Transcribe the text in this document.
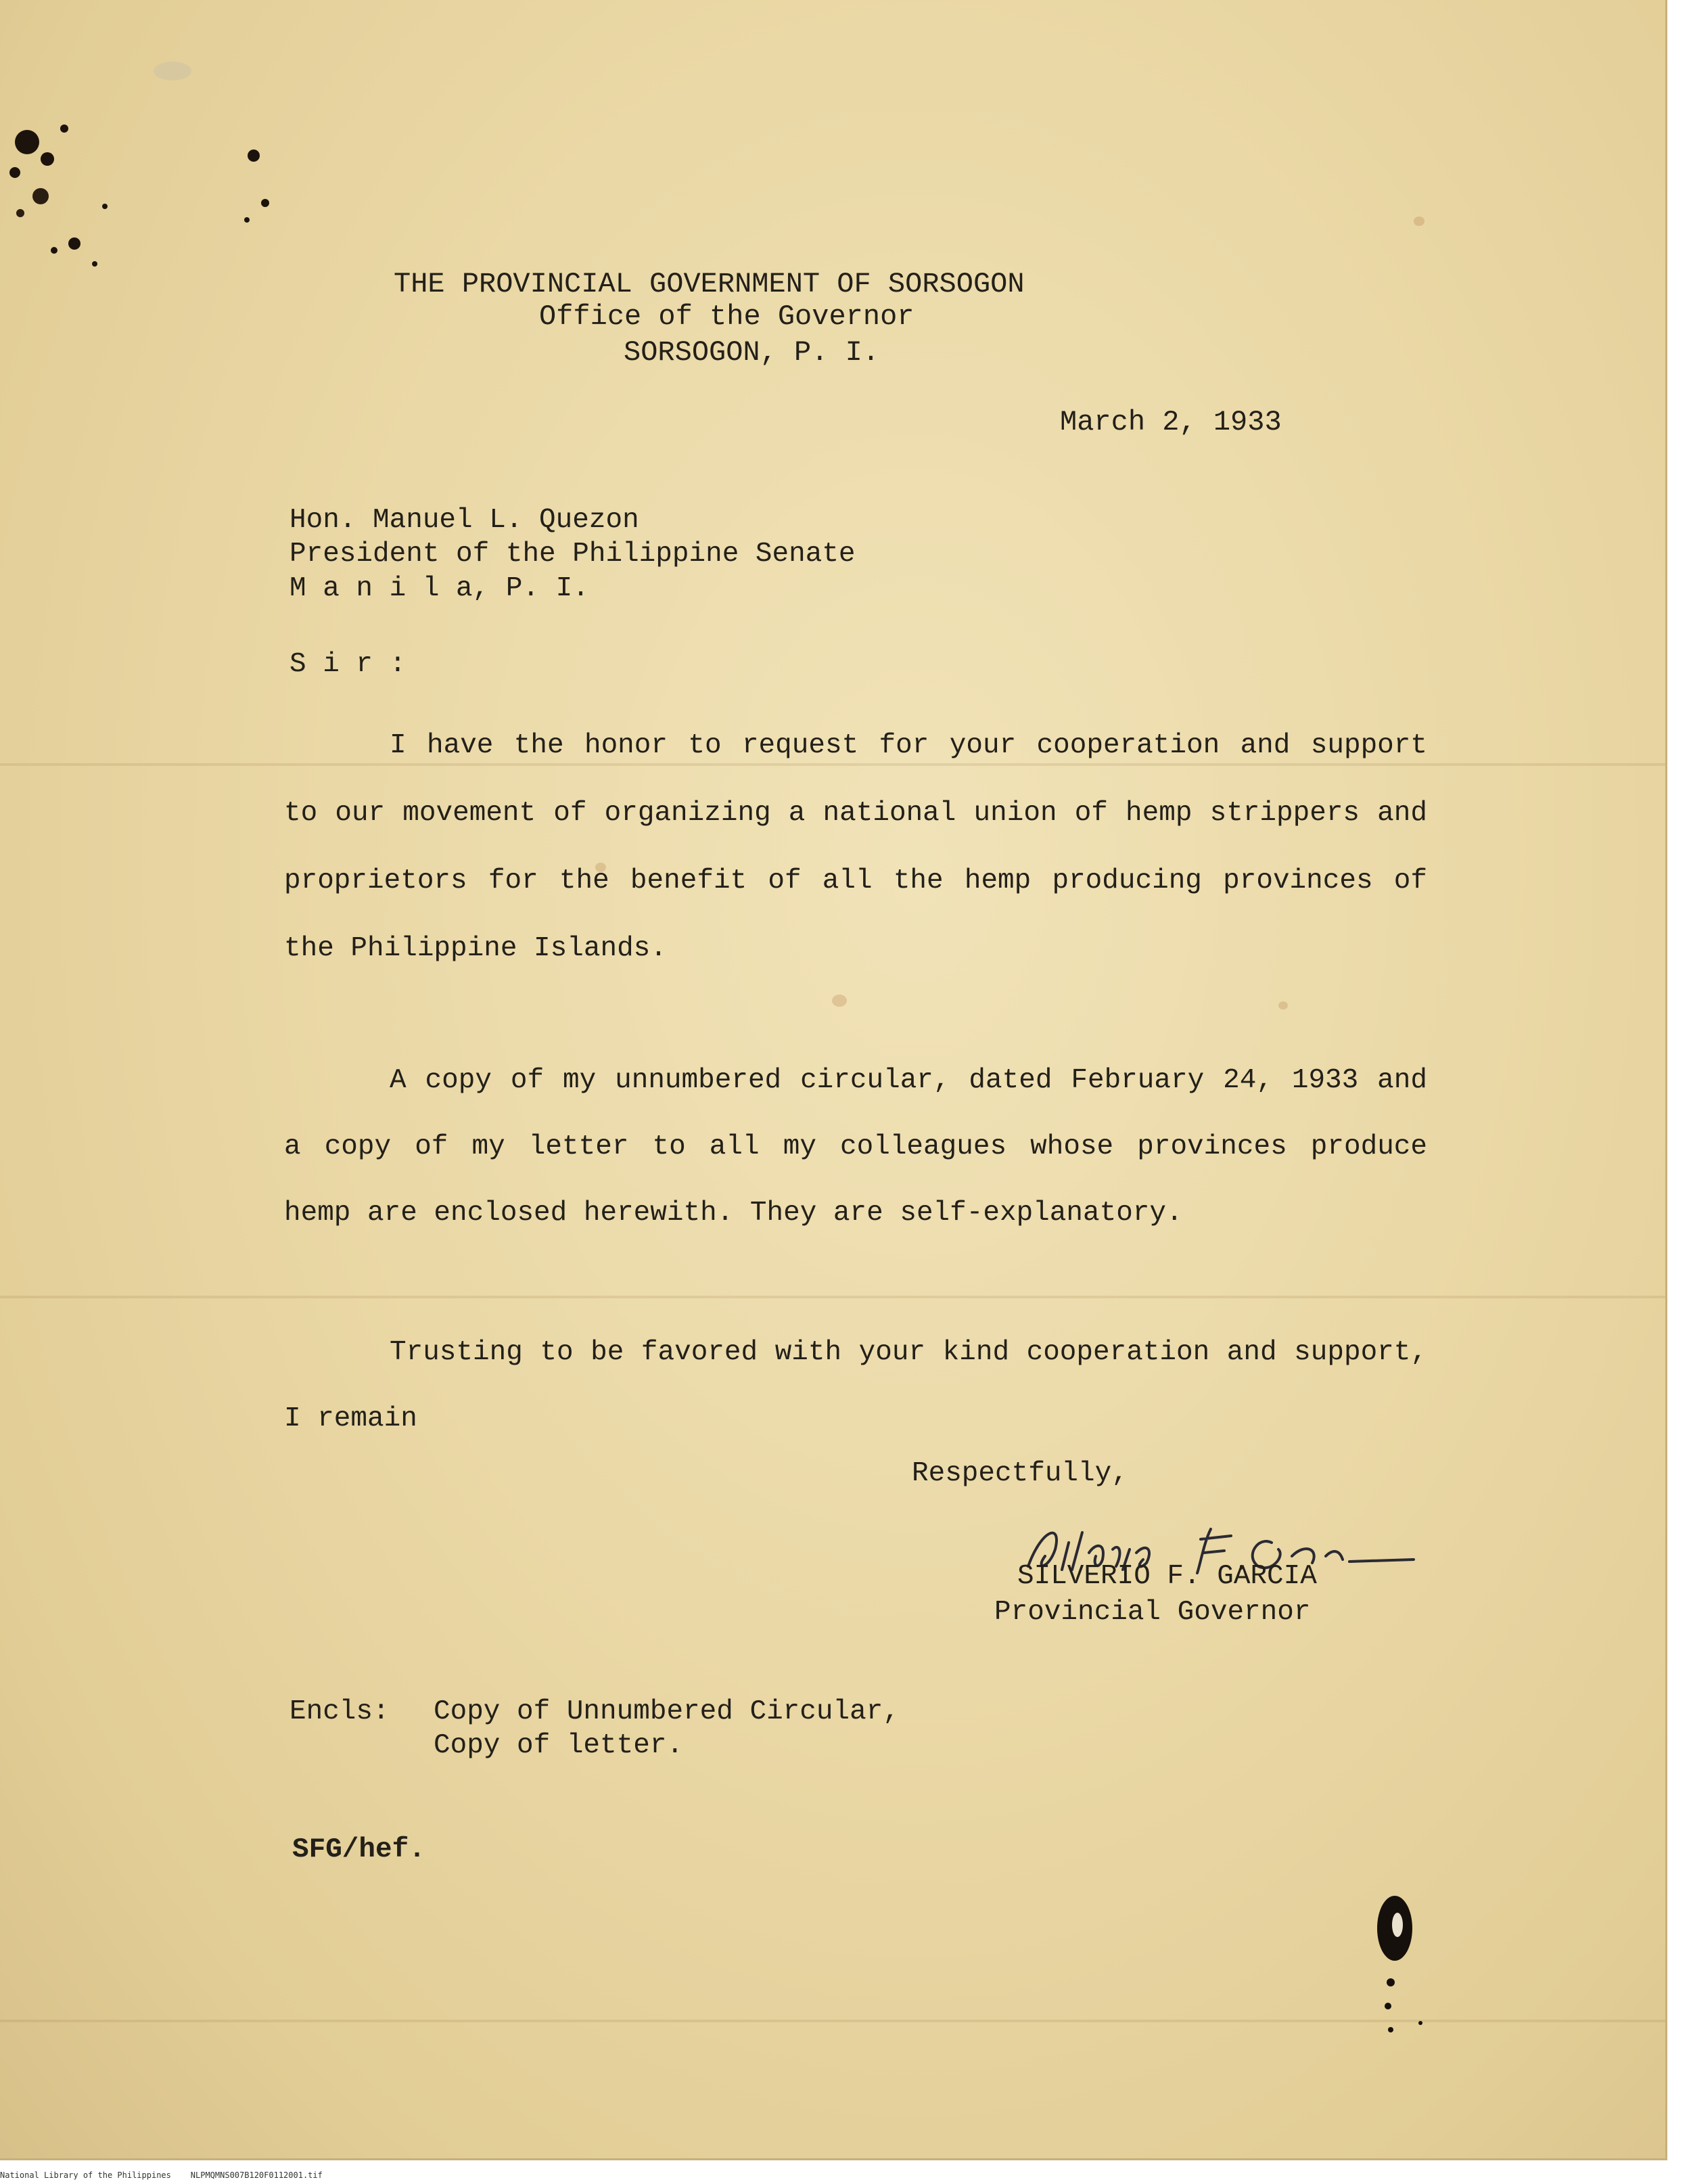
THE PROVINCIAL GOVERNMENT OF SORSOGON

Office of the Governor

SORSOGON, P. I.

March 2, 1933

Hon. Manuel L. Quezon

President of the Philippine Senate

M a n i l a, P. I.

S i r :

I have the honor to request for your cooperation and support to our movement of organizing a national union of hemp strippers and proprietors for the benefit of all the hemp producing provinces of the Philippine Islands.

A copy of my unnumbered circular, dated February 24, 1933 and a copy of my letter to all my colleagues whose provinces produce hemp are enclosed herewith. They are self-explanatory.

Trusting to be favored with your kind cooperation and support, I remain

Respectfully,

SILVERIO F. GARCIA

Provincial Governor

Encls: Copy of Unnumbered Circular,

Copy of letter.

SFG/hef.

National Library of the Philippines NLPMQMNS007B120F0112001.tif
